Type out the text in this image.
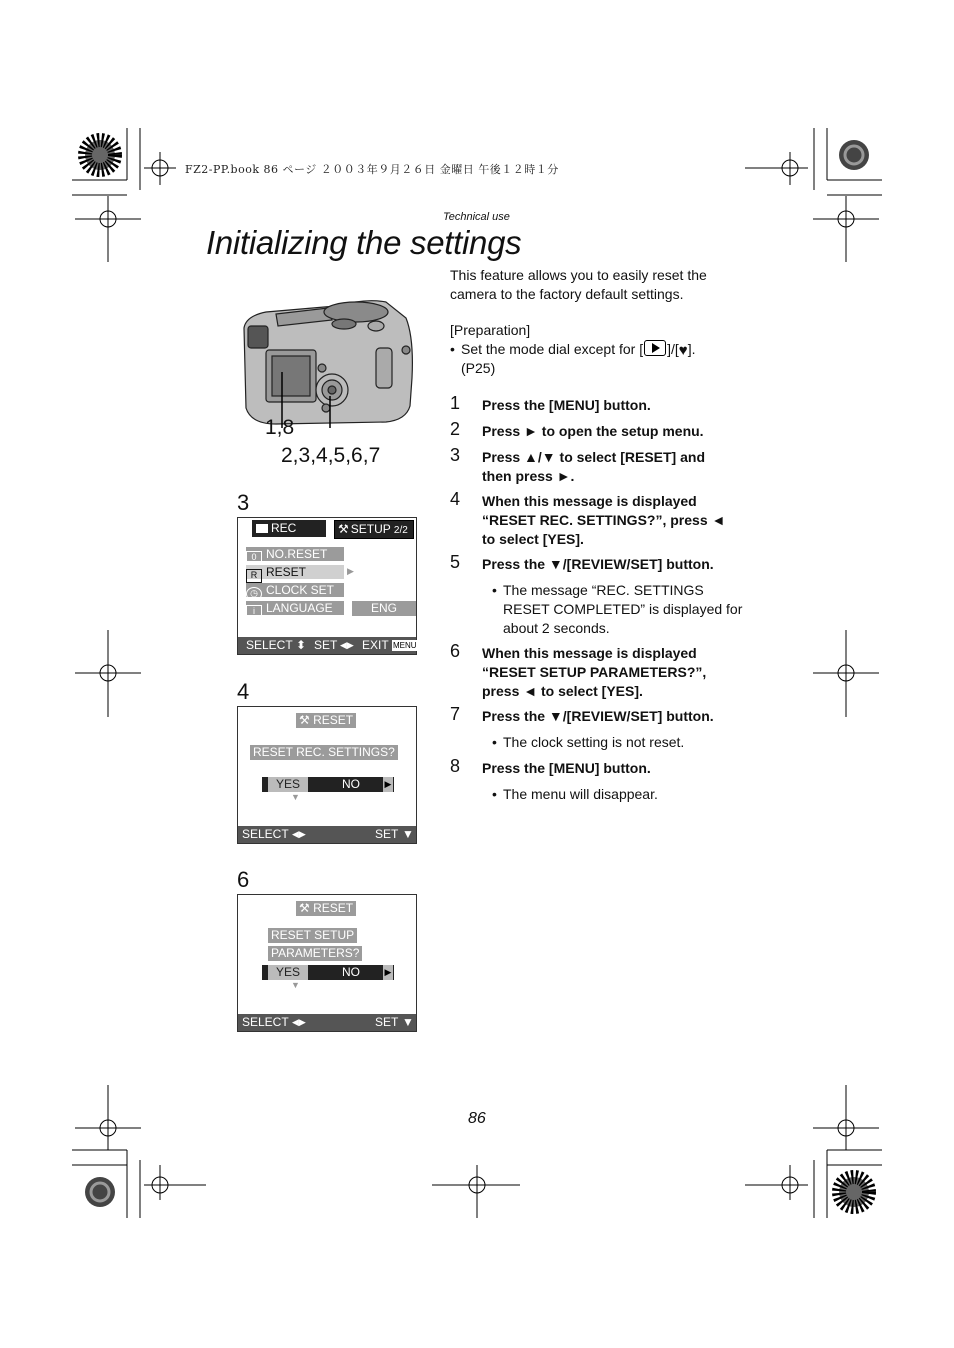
FZ2-PP.book 86 ページ ２００３年９月２６日 金曜日 午後１２時１分
Technical use
Initializing the settings
This feature allows you to easily reset the camera to the factory default settings.
[Preparation]
• Set the mode dial except for [ ]/[♥].
(P25)
1 Press the [MENU] button.
2 Press ► to open the setup menu.
3 Press ▲/▼ to select [RESET] and then press ►.
4 When this message is displayed “RESET REC. SETTINGS?”, press ◄ to select [YES].
5 Press the ▼/[REVIEW/SET] button.
• The message “REC. SETTINGS RESET COMPLETED” is displayed for about 2 seconds.
6 When this message is displayed “RESET SETUP PARAMETERS?”, press ◄ to select [YES].
7 Press the ▼/[REVIEW/SET] button.
• The clock setting is not reset.
8 Press the [MENU] button.
• The menu will disappear.
1,8
2,3,4,5,6,7
3
REC	⚒ SETUP 2/2
0 NO.RESET
R RESET	▶
◷ CLOCK SET
i LANGUAGE	ENG
SELECT ⬍ SET ◀▶ EXIT MENU
4
⚒ RESET
RESET REC. SETTINGS?
YES	NO	▶
▼
SELECT ◀▶	SET ▼
6
⚒ RESET
RESET SETUP
PARAMETERS?
YES	NO	▶
▼
SELECT ◀▶	SET ▼
86
